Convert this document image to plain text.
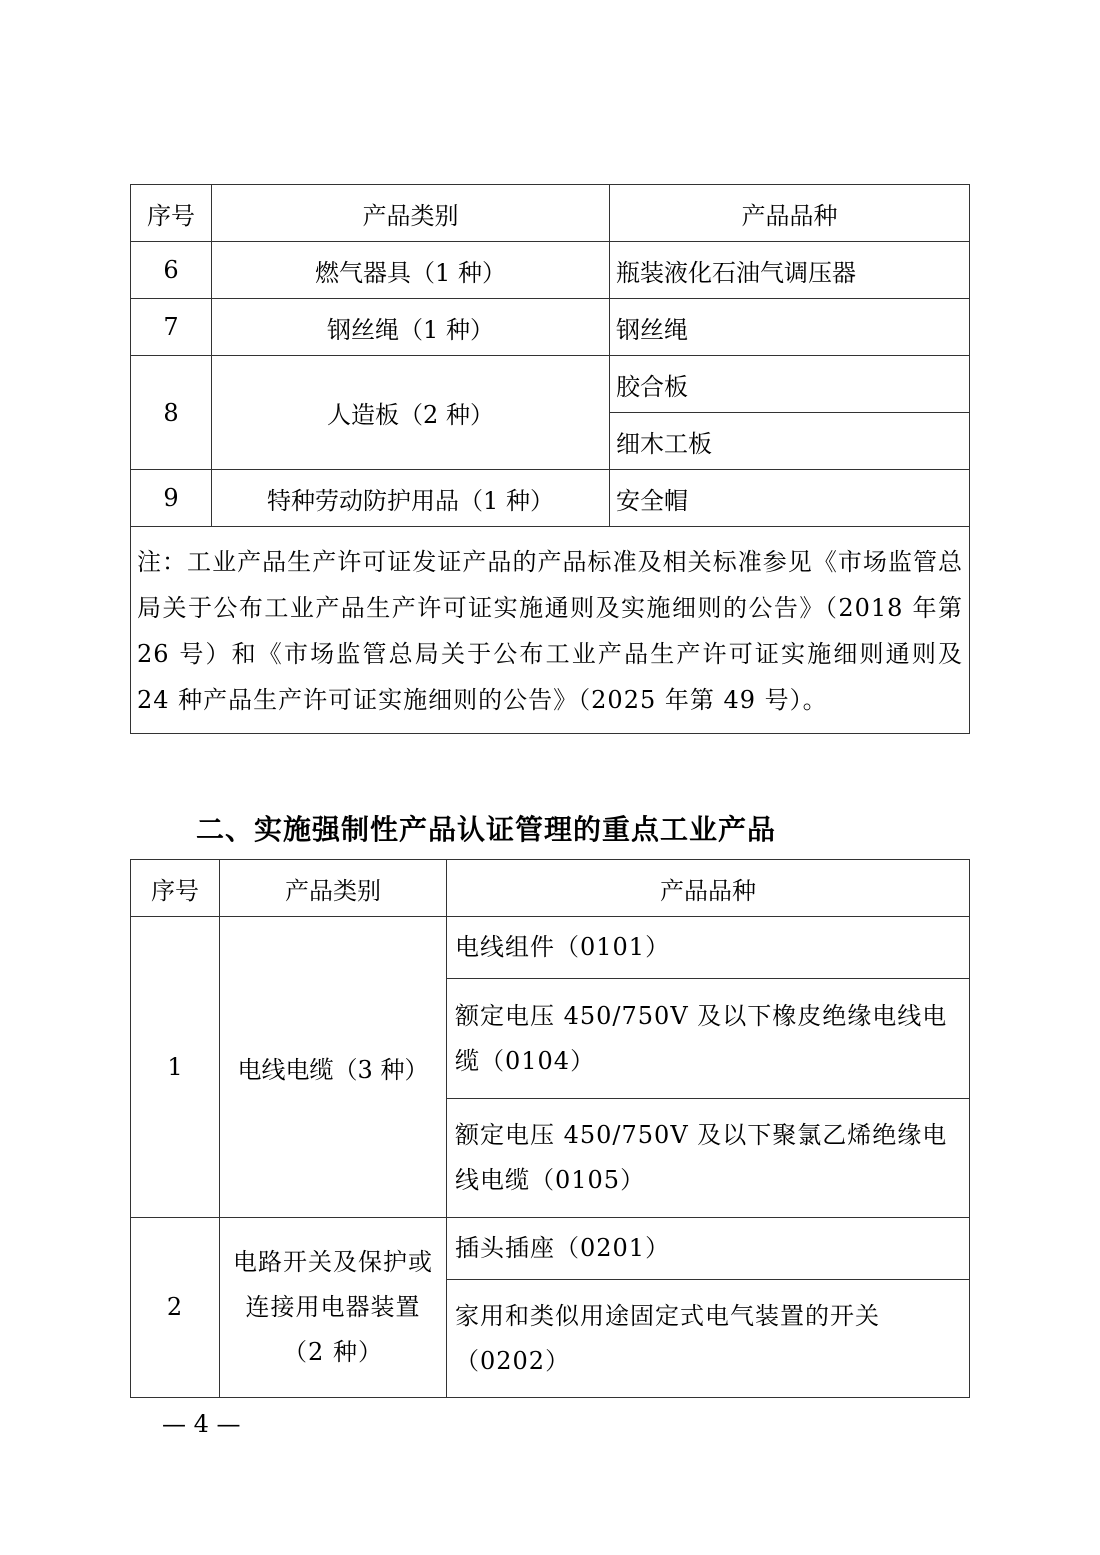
序号	产品类别	产品品种
6	燃气器具（1 种）	瓶装液化石油气调压器
7	钢丝绳（1 种）	钢丝绳
8	人造板（2 种）	胶合板
		细木工板
9	特种劳动防护用品（1 种）	安全帽
注：工业产品生产许可证发证产品的产品标准及相关标准参见《市场监管总局关于公布工业产品生产许可证实施通则及实施细则的公告》（2018 年第 26 号）和《市场监管总局关于公布工业产品生产许可证实施细则通则及 24 种产品生产许可证实施细则的公告》（2025 年第 49 号）。		
二、实施强制性产品认证管理的重点工业产品
序号	产品类别	产品品种
1	电线电缆（3 种）	电线组件（0101）
		额定电压 450/750V 及以下橡皮绝缘电线电缆（0104）
		额定电压 450/750V 及以下聚氯乙烯绝缘电线电缆（0105）
2	电路开关及保护或连接用电器装置（2 种）	插头插座（0201）
		家用和类似用途固定式电气装置的开关（0202）
— 4 —
